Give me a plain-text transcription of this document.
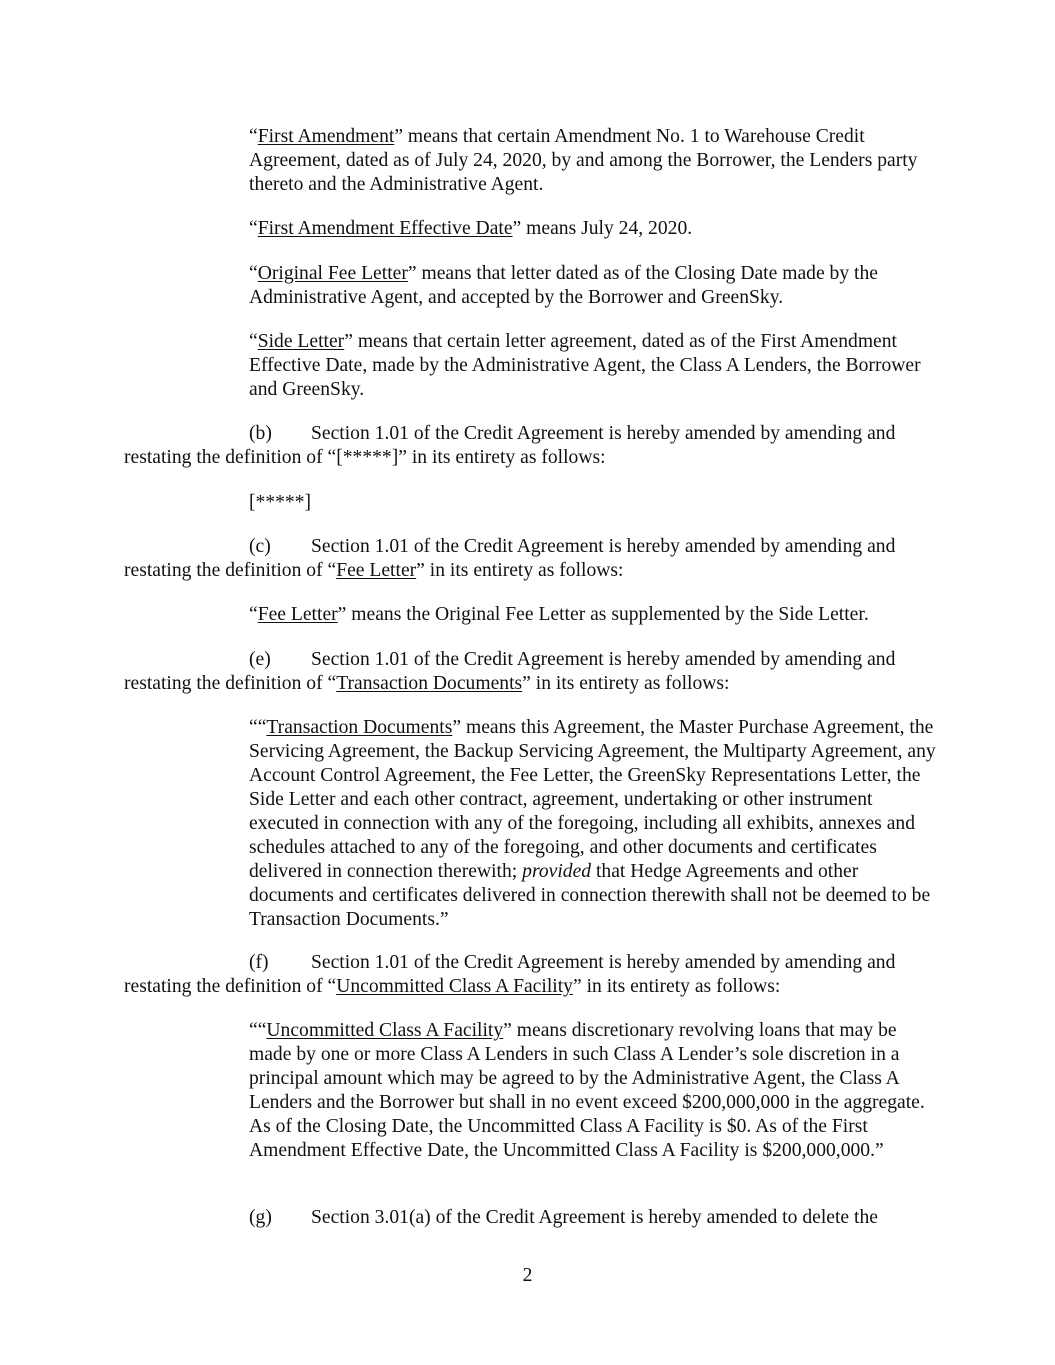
“First Amendment” means that certain Amendment No. 1 to Warehouse Credit Agreement, dated as of July 24, 2020, by and among the Borrower, the Lenders party thereto and the Administrative Agent.

“First Amendment Effective Date” means July 24, 2020.

“Original Fee Letter” means that letter dated as of the Closing Date made by the Administrative Agent, and accepted by the Borrower and GreenSky.

“Side Letter” means that certain letter agreement, dated as of the First Amendment Effective Date, made by the Administrative Agent, the Class A Lenders, the Borrower and GreenSky.

(b) Section 1.01 of the Credit Agreement is hereby amended by amending and restating the definition of “[*****]” in its entirety as follows:

[*****]

(c) Section 1.01 of the Credit Agreement is hereby amended by amending and restating the definition of “Fee Letter” in its entirety as follows:

“Fee Letter” means the Original Fee Letter as supplemented by the Side Letter.

(e) Section 1.01 of the Credit Agreement is hereby amended by amending and restating the definition of “Transaction Documents” in its entirety as follows:

““Transaction Documents” means this Agreement, the Master Purchase Agreement, the Servicing Agreement, the Backup Servicing Agreement, the Multiparty Agreement, any Account Control Agreement, the Fee Letter, the GreenSky Representations Letter, the Side Letter and each other contract, agreement, undertaking or other instrument executed in connection with any of the foregoing, including all exhibits, annexes and schedules attached to any of the foregoing, and other documents and certificates delivered in connection therewith; provided that Hedge Agreements and other documents and certificates delivered in connection therewith shall not be deemed to be Transaction Documents.”

(f) Section 1.01 of the Credit Agreement is hereby amended by amending and restating the definition of “Uncommitted Class A Facility” in its entirety as follows:

““Uncommitted Class A Facility” means discretionary revolving loans that may be made by one or more Class A Lenders in such Class A Lender’s sole discretion in a principal amount which may be agreed to by the Administrative Agent, the Class A Lenders and the Borrower but shall in no event exceed $200,000,000 in the aggregate. As of the Closing Date, the Uncommitted Class A Facility is $0. As of the First Amendment Effective Date, the Uncommitted Class A Facility is $200,000,000.”

(g) Section 3.01(a) of the Credit Agreement is hereby amended to delete the

2
